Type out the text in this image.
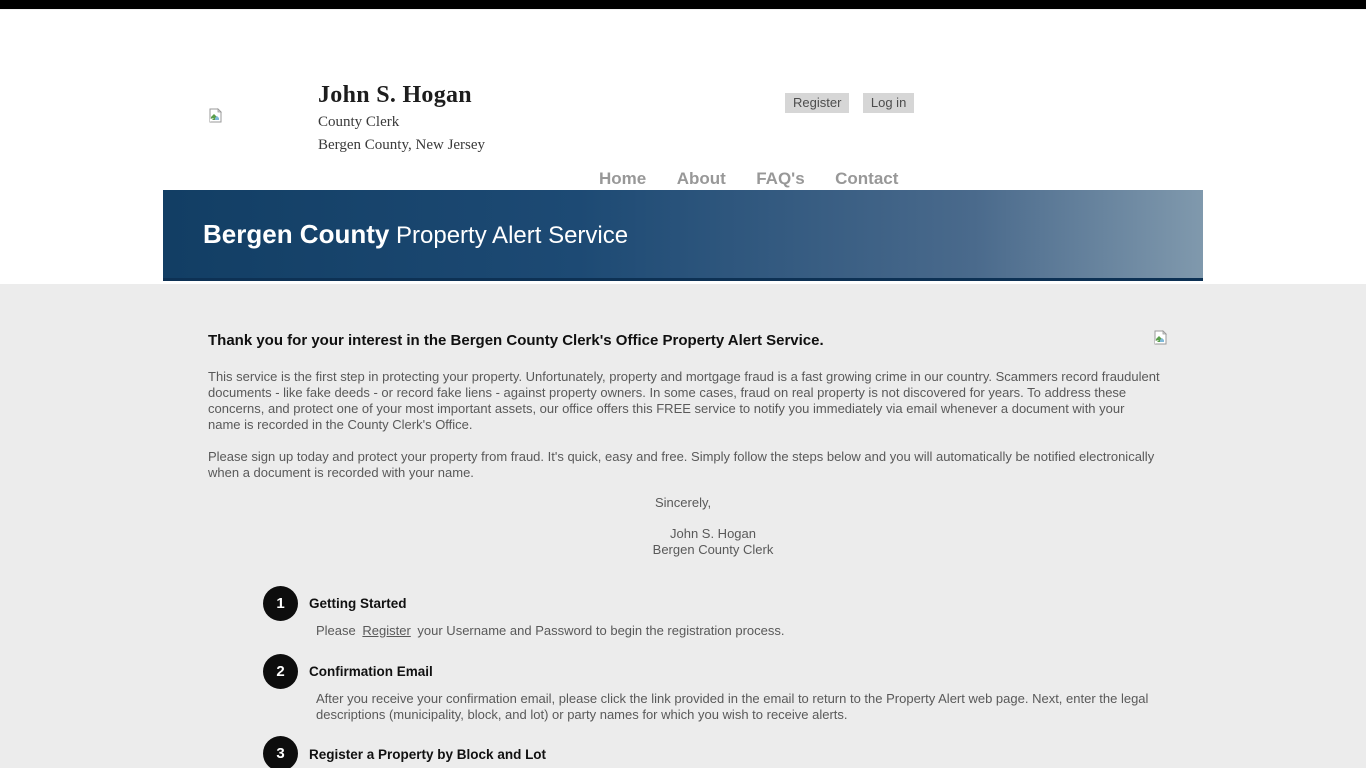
John S. Hogan
County Clerk
Bergen County, New Jersey
Register Log in
Home About FAQ's Contact
Bergen County Property Alert Service
Thank you for your interest in the Bergen County Clerk's Office Property Alert Service.
This service is the first step in protecting your property. Unfortunately, property and mortgage fraud is a fast growing crime in our country. Scammers record fraudulent documents - like fake deeds - or record fake liens - against property owners. In some cases, fraud on real property is not discovered for years. To address these concerns, and protect one of your most important assets, our office offers this FREE service to notify you immediately via email whenever a document with your name is recorded in the County Clerk's Office.
Please sign up today and protect your property from fraud. It's quick, easy and free. Simply follow the steps below and you will automatically be notified electronically when a document is recorded with your name.
Sincerely,
John S. Hogan
Bergen County Clerk
1	Getting Started
Please Register your Username and Password to begin the registration process.
2	Confirmation Email
After you receive your confirmation email, please click the link provided in the email to return to the Property Alert web page. Next, enter the legal descriptions (municipality, block, and lot) or party names for which you wish to receive alerts.
3	Register a Property by Block and Lot
